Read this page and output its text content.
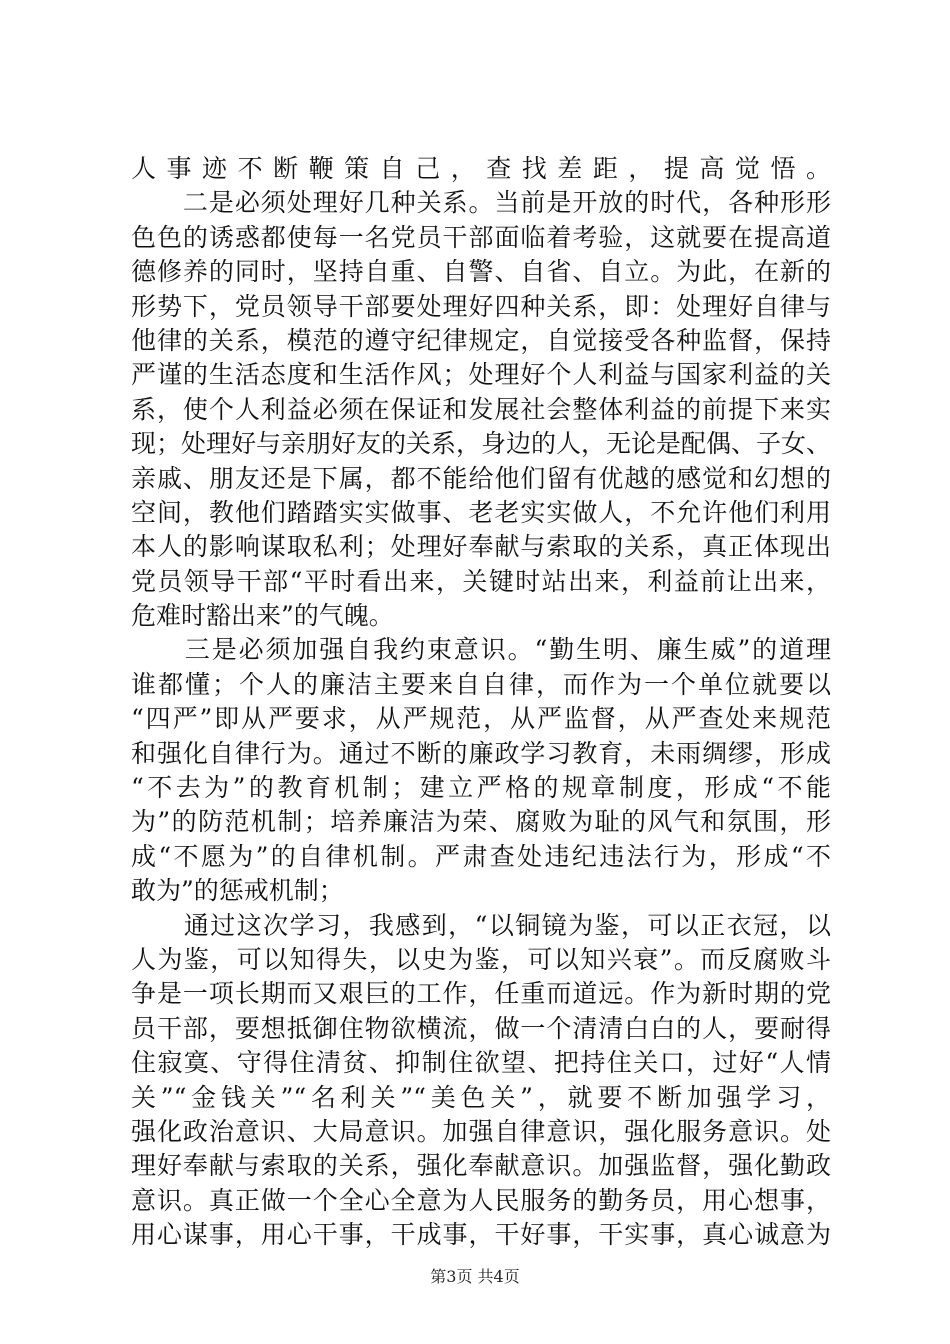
人事迹不断鞭策自己，查找差距，提高觉悟。
　　二是必须处理好几种关系。当前是开放的时代，各种形形
色色的诱惑都使每一名党员干部面临着考验，这就要在提高道
德修养的同时，坚持自重、自警、自省、自立。为此，在新的
形势下，党员领导干部要处理好四种关系，即：处理好自律与
他律的关系，模范的遵守纪律规定，自觉接受各种监督，保持
严谨的生活态度和生活作风；处理好个人利益与国家利益的关
系，使个人利益必须在保证和发展社会整体利益的前提下来实
现；处理好与亲朋好友的关系，身边的人，无论是配偶、子女、
亲戚、朋友还是下属，都不能给他们留有优越的感觉和幻想的
空间，教他们踏踏实实做事、老老实实做人，不允许他们利用
本人的影响谋取私利；处理好奉献与索取的关系，真正体现出
党员领导干部“平时看出来，关键时站出来，利益前让出来，
危难时豁出来”的气魄。
　　三是必须加强自我约束意识。“勤生明、廉生威”的道理
谁都懂；个人的廉洁主要来自自律，而作为一个单位就要以
“四严”即从严要求，从严规范，从严监督，从严查处来规范
和强化自律行为。通过不断的廉政学习教育，未雨绸缪，形成
“不去为”的教育机制；建立严格的规章制度，形成“不能
为”的防范机制；培养廉洁为荣、腐败为耻的风气和氛围，形
成“不愿为”的自律机制。严肃查处违纪违法行为，形成“不
敢为”的惩戒机制；
　　通过这次学习，我感到，“以铜镜为鉴，可以正衣冠，以
人为鉴，可以知得失，以史为鉴，可以知兴衰”。而反腐败斗
争是一项长期而又艰巨的工作，任重而道远。作为新时期的党
员干部，要想抵御住物欲横流，做一个清清白白的人，要耐得
住寂寞、守得住清贫、抑制住欲望、把持住关口，过好“人情
关”“金钱关”“名利关”“美色关”，就要不断加强学习，
强化政治意识、大局意识。加强自律意识，强化服务意识。处
理好奉献与索取的关系，强化奉献意识。加强监督，强化勤政
意识。真正做一个全心全意为人民服务的勤务员，用心想事，
用心谋事，用心干事，干成事，干好事，干实事，真心诚意为
第3页 共4页
